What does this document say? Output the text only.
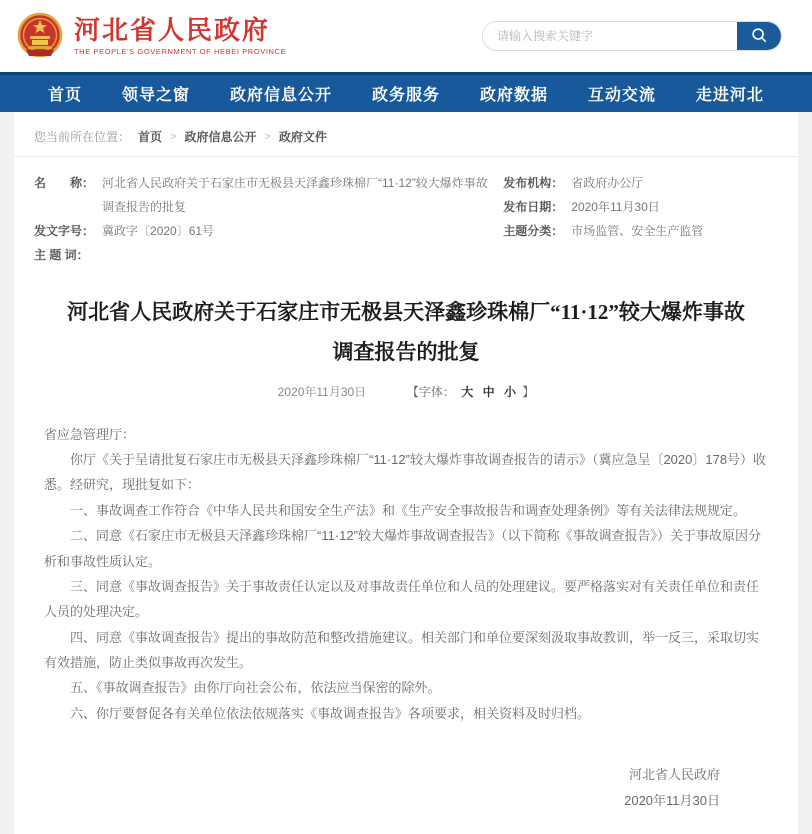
河北省人民政府
THE PEOPLE'S GOVERNMENT OF HEBEI PROVINCE
请输入搜索关键字
首页 领导之窗 政府信息公开 政务服务 政府数据 互动交流 走进河北
您当前所在位置： 首页 > 政府信息公开 > 政府文件
名　　称： 河北省人民政府关于石家庄市无极县天泽鑫珍珠棉厂“11·12”较大爆炸事故调查报告的批复
发文字号： 冀政字〔2020〕61号
主 题 词：
发布机构： 省政府办公厅
发布日期： 2020年11月30日
主题分类： 市场监管、安全生产监管
河北省人民政府关于石家庄市无极县天泽鑫珍珠棉厂“11·12”较大爆炸事故调查报告的批复
2020年11月30日	【字体： 大 中 小 】

省应急管理厅：

你厅《关于呈请批复石家庄市无极县天泽鑫珍珠棉厂“11·12”较大爆炸事故调查报告的请示》（冀应急呈〔2020〕178号）收悉。经研究，现批复如下：

一、事故调查工作符合《中华人民共和国安全生产法》和《生产安全事故报告和调查处理条例》等有关法律法规规定。

二、同意《石家庄市无极县天泽鑫珍珠棉厂“11·12”较大爆炸事故调查报告》（以下简称《事故调查报告》）关于事故原因分析和事故性质认定。

三、同意《事故调查报告》关于事故责任认定以及对事故责任单位和人员的处理建议。要严格落实对有关责任单位和责任人员的处理决定。

四、同意《事故调查报告》提出的事故防范和整改措施建议。相关部门和单位要深刻汲取事故教训，举一反三，采取切实有效措施，防止类似事故再次发生。

五、《事故调查报告》由你厅向社会公布，依法应当保密的除外。

六、你厅要督促各有关单位依法依规落实《事故调查报告》各项要求，相关资料及时归档。

河北省人民政府
2020年11月30日
